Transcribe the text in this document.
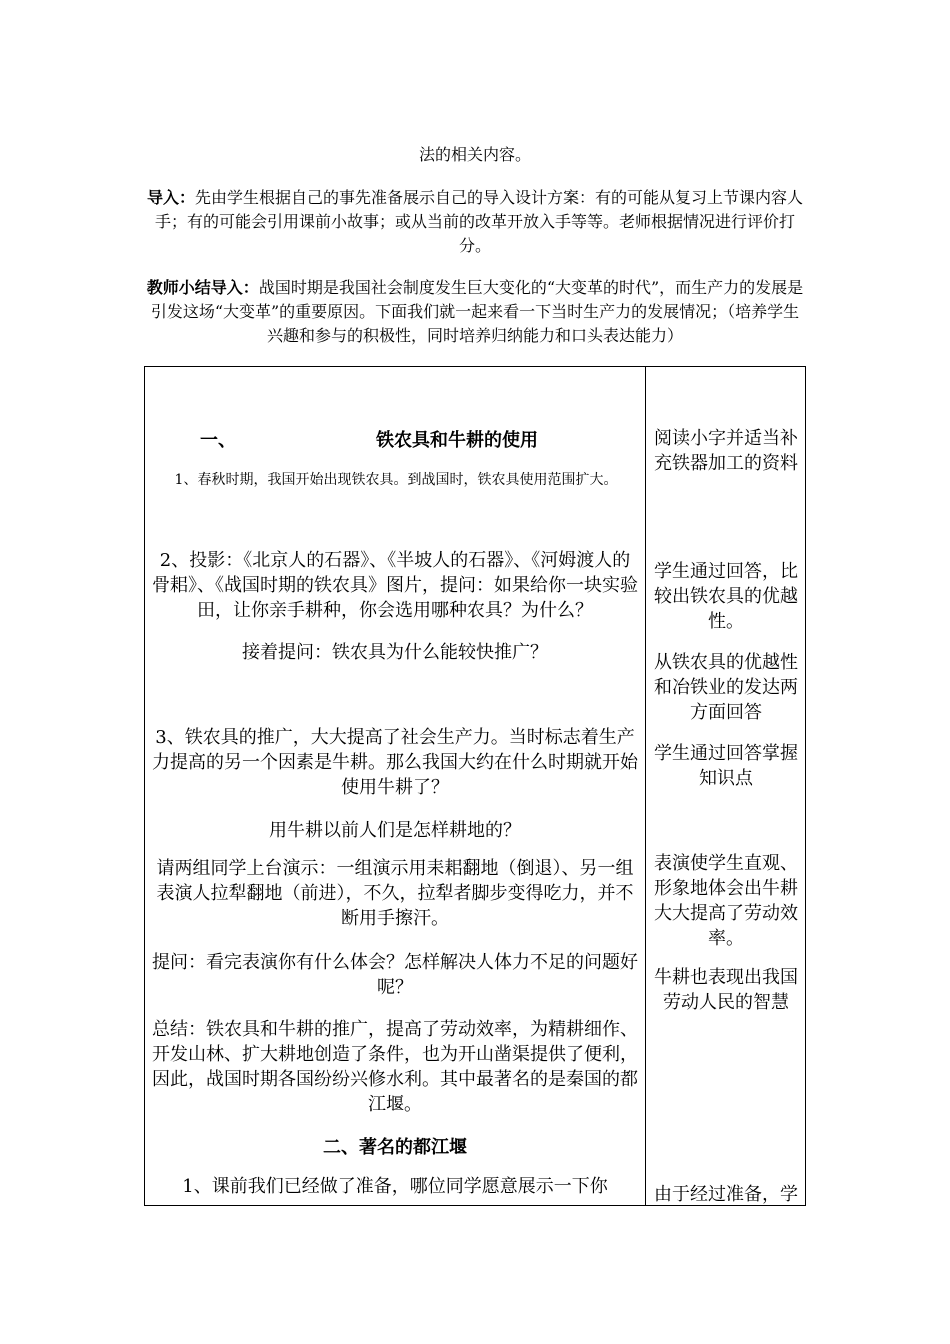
法的相关内容。

导入：先由学生根据自己的事先准备展示自己的导入设计方案：有的可能从复习上节课内容人手；有的可能会引用课前小故事；或从当前的改革开放入手等等。老师根据情况进行评价打分。

教师小结导入：战国时期是我国社会制度发生巨大变化的“大变革的时代”，而生产力的发展是引发这场“大变革”的重要原因。下面我们就一起来看一下当时生产力的发展情况；（培养学生兴趣和参与的积极性，同时培养归纳能力和口头表达能力）

一、	铁农具和牛耕的使用

1、春秋时期，我国开始出现铁农具。到战国时，铁农具使用范围扩大。

2、投影：《北京人的石器》、《半坡人的石器》、《河姆渡人的骨耜》、《战国时期的铁农具》图片，提问：如果给你一块实验田，让你亲手耕种，你会选用哪种农具？为什么？

接着提问：铁农具为什么能较快推广？

3、铁农具的推广，大大提高了社会生产力。当时标志着生产力提高的另一个因素是牛耕。那么我国大约在什么时期就开始使用牛耕了？

用牛耕以前人们是怎样耕地的？

请两组同学上台演示：一组演示用耒耜翻地（倒退）、另一组表演人拉犁翻地（前进），不久，拉犁者脚步变得吃力，并不断用手擦汗。

提问：看完表演你有什么体会？怎样解决人体力不足的问题好呢？

总结：铁农具和牛耕的推广，提高了劳动效率，为精耕细作、开发山林、扩大耕地创造了条件，也为开山凿渠提供了便利，因此，战国时期各国纷纷兴修水利。其中最著名的是秦国的都江堰。

二、著名的都江堰

1、课前我们已经做了准备，哪位同学愿意展示一下你

阅读小字并适当补充铁器加工的资料

学生通过回答，比较出铁农具的优越性。

从铁农具的优越性和冶铁业的发达两方面回答

学生通过回答掌握知识点

表演使学生直观、形象地体会出牛耕大大提高了劳动效率。

牛耕也表现出我国劳动人民的智慧

由于经过准备，学
